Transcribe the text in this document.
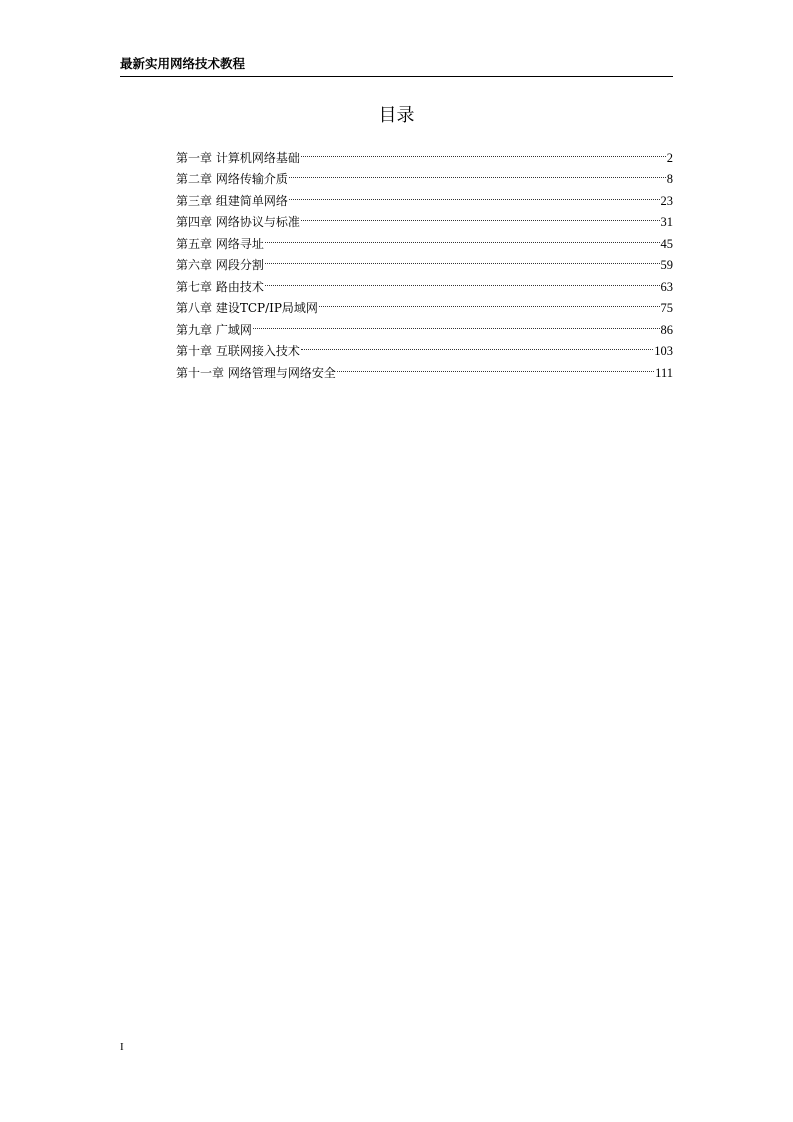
最新实用网络技术教程
目录
第一章 计算机网络基础	2
第二章 网络传输介质	8
第三章 组建简单网络	23
第四章 网络协议与标准	31
第五章 网络寻址	45
第六章 网段分割	59
第七章 路由技术	63
第八章 建设TCP/IP局域网	75
第九章 广域网	86
第十章 互联网接入技术	103
第十一章 网络管理与网络安全	111
I
